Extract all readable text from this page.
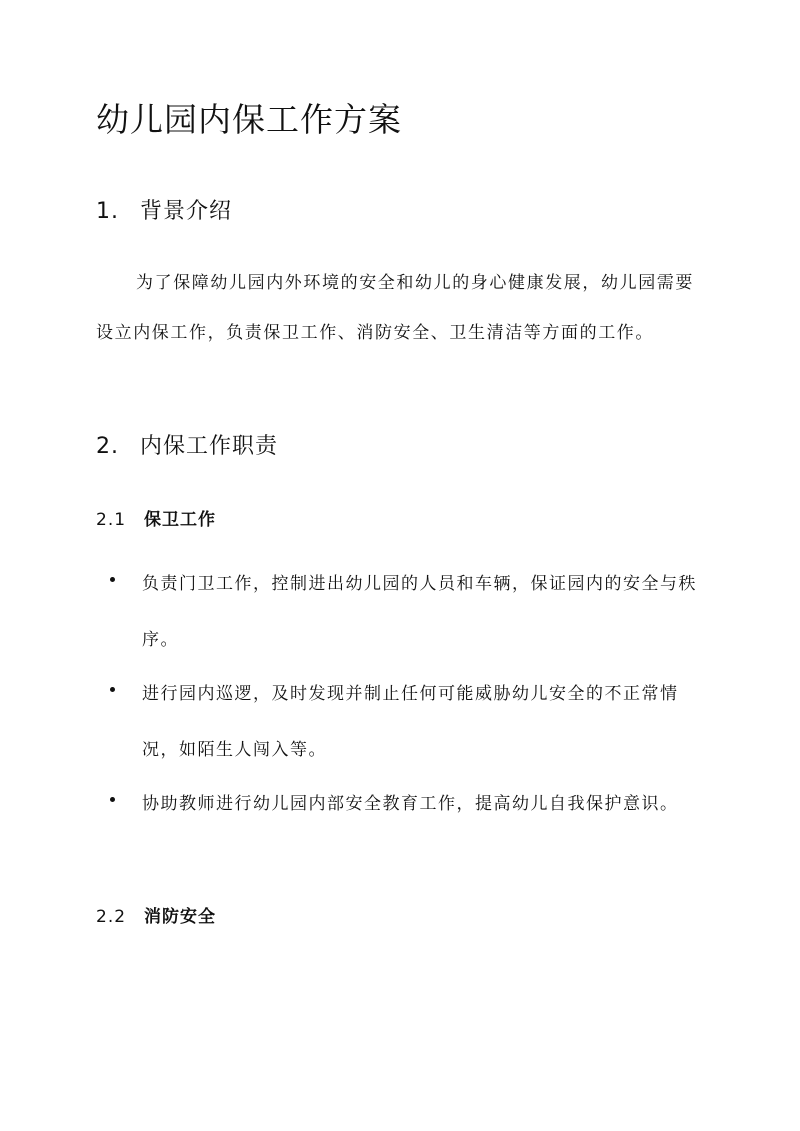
幼儿园内保工作方案
1. 背景介绍

为了保障幼儿园内外环境的安全和幼儿的身心健康发展，幼儿园需要设立内保工作，负责保卫工作、消防安全、卫生清洁等方面的工作。

2. 内保工作职责
2.1 保卫工作

负责门卫工作，控制进出幼儿园的人员和车辆，保证园内的安全与秩序。

进行园内巡逻，及时发现并制止任何可能威胁幼儿安全的不正常情况，如陌生人闯入等。

协助教师进行幼儿园内部安全教育工作，提高幼儿自我保护意识。

2.2 消防安全
